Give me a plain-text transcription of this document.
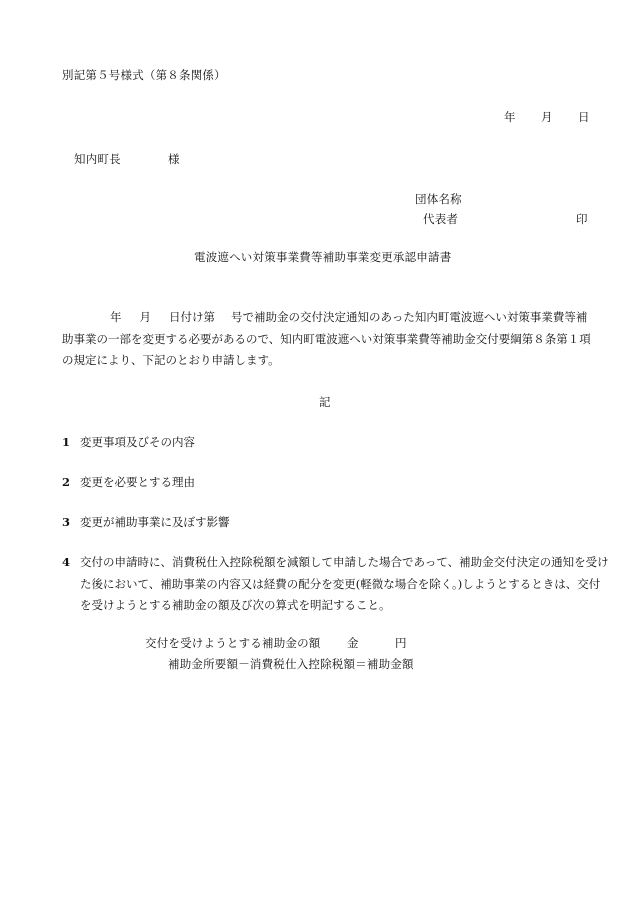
別記第５号様式（第８条関係）
年 月 日
知内町長	様
団体名称
代表者	印
電波遮へい対策事業費等補助事業変更承認申請書
年 月 日付け第 号で補助金の交付決定通知のあった知内町電波遮へい対策事業費等補助事業の一部を変更する必要があるので、知内町電波遮へい対策事業費等補助金交付要綱第８条第１項の規定により、下記のとおり申請します。
記
1 変更事項及びその内容
2 変更を必要とする理由
3 変更が補助事業に及ぼす影響
4 交付の申請時に、消費税仕入控除税額を減額して申請した場合であって、補助金交付決定の通知を受けた後において、補助事業の内容又は経費の配分を変更(軽微な場合を除く。)しようとするときは、交付を受けようとする補助金の額及び次の算式を明記すること。
交付を受けようとする補助金の額 金	円
補助金所要額－消費税仕入控除税額＝補助金額
